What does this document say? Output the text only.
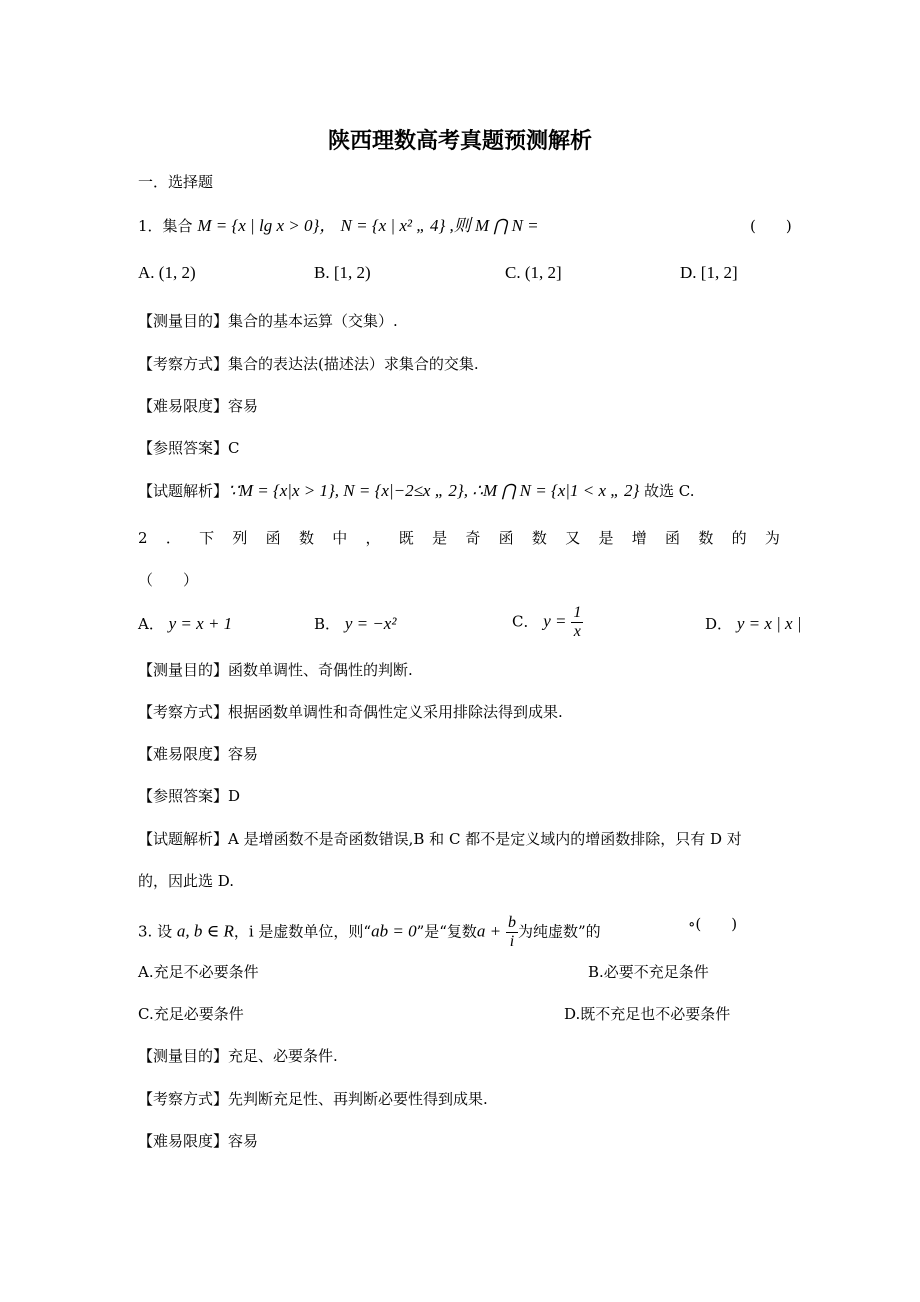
陕西理数高考真题预测解析
一．选择题
1．集合 M = {x | lg x > 0}， N = {x | x² „ 4} ,则 M ⋂ N =	(　　)
A. (1, 2)	B. [1, 2)	C. (1, 2]	D. [1, 2]
【测量目的】集合的基本运算（交集）.
【考察方式】集合的表达法(描述法）求集合的交集.
【难易限度】容易
【参照答案】C
【试题解析】∵M = {x|x > 1}, N = {x|−2≤x „ 2}, ∴M ⋂ N = {x|1 < x „ 2} 故选 C.
2 ． 下 列 函 数 中 ， 既 是 奇 函 数 又 是 增 函 数 的 为
（　　）
A． y = x + 1	B． y = −x²	C． $y = \frac{1}{x}$	D． y = x | x |
【测量目的】函数单调性、奇偶性的判断.
【考察方式】根据函数单调性和奇偶性定义采用排除法得到成果.
【难易限度】容易
【参照答案】D
【试题解析】A 是增函数不是奇函数错误,B 和 C 都不是定义域内的增函数排除，只有 D 对
的，因此选 D.
3. 设 a, b ∈ R，i 是虚数单位，则“ab = 0”是“复数$a + \frac{b}{i}$ 为纯虚数”的	∘(　　)
A.充足不必要条件	B.必要不充足条件
C.充足必要条件	D.既不充足也不必要条件
【测量目的】充足、必要条件.
【考察方式】先判断充足性、再判断必要性得到成果.
【难易限度】容易
